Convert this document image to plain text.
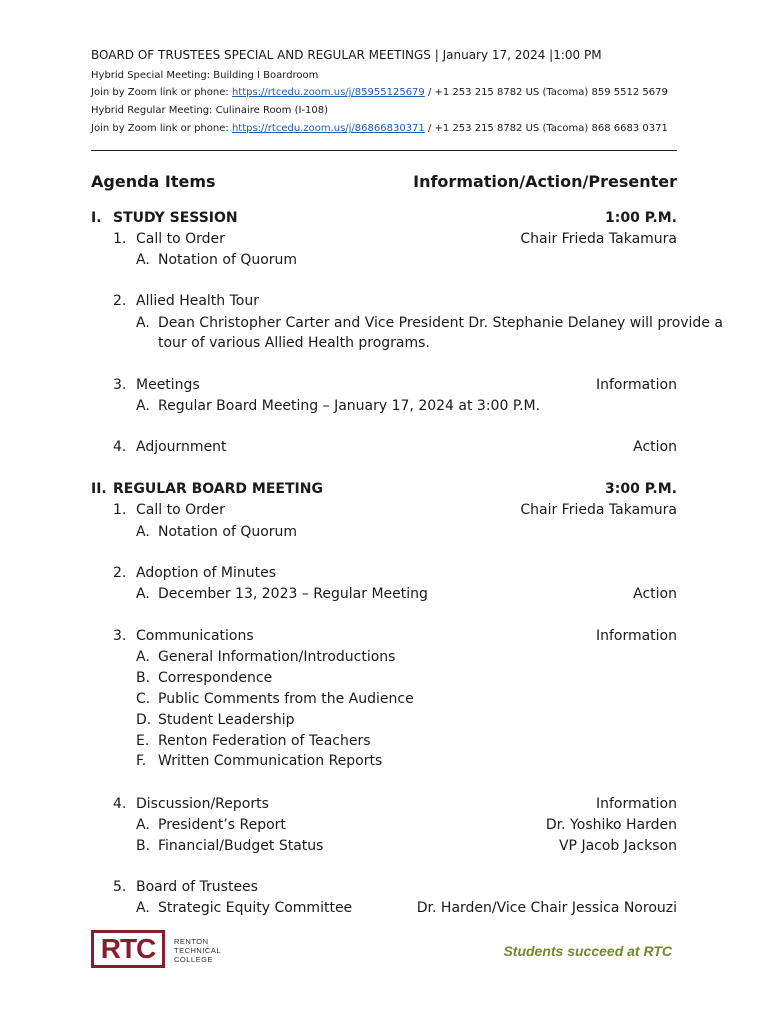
BOARD OF TRUSTEES SPECIAL AND REGULAR MEETINGS | January 17, 2024 |1:00 PM
Hybrid Special Meeting: Building I Boardroom
Join by Zoom link or phone: https://rtcedu.zoom.us/j/85955125679 / +1 253 215 8782 US (Tacoma) 859 5512 5679
Hybrid Regular Meeting: Culinaire Room (I-108)
Join by Zoom link or phone: https://rtcedu.zoom.us/j/86866830371 / +1 253 215 8782 US (Tacoma) 868 6683 0371
Agenda Items	Information/Action/Presenter
I. STUDY SESSION	1:00 P.M.
1. Call to Order	Chair Frieda Takamura
A. Notation of Quorum
2. Allied Health Tour
A. Dean Christopher Carter and Vice President Dr. Stephanie Delaney will provide a
tour of various Allied Health programs.
3. Meetings	Information
A. Regular Board Meeting – January 17, 2024 at 3:00 P.M.
4. Adjournment	Action
II. REGULAR BOARD MEETING	3:00 P.M.
1. Call to Order	Chair Frieda Takamura
A. Notation of Quorum
2. Adoption of Minutes
A. December 13, 2023 – Regular Meeting	Action
3. Communications	Information
A. General Information/Introductions
B. Correspondence
C. Public Comments from the Audience
D. Student Leadership
E. Renton Federation of Teachers
F. Written Communication Reports
4. Discussion/Reports	Information
A. President’s Report	Dr. Yoshiko Harden
B. Financial/Budget Status	VP Jacob Jackson
5. Board of Trustees
A. Strategic Equity Committee	Dr. Harden/Vice Chair Jessica Norouzi
RTC	RENTON
TECHNICAL
COLLEGE
Students succeed at RTC
